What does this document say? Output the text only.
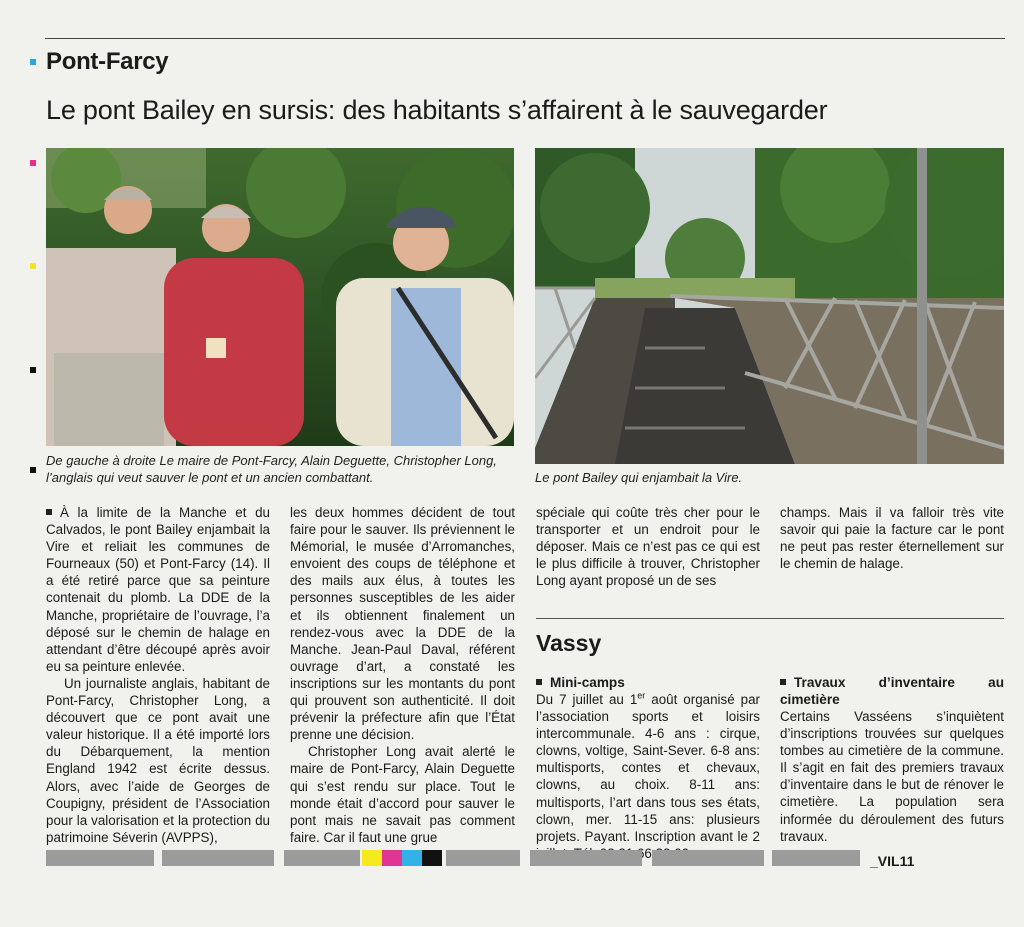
Pont-Farcy
Le pont Bailey en sursis: des habitants s’affairent à le sauvegarder
De gauche à droite Le maire de Pont-Farcy, Alain Deguette, Christopher Long, l’anglais qui veut sauver le pont et un ancien combattant.	Le pont Bailey qui enjambait la Vire.

À la limite de la Manche et du Calvados, le pont Bailey enjambait la Vire et reliait les communes de Fourneaux (50) et Pont-Farcy (14). Il a été retiré parce que sa peinture contenait du plomb. La DDE de la Manche, propriétaire de l’ouvrage, l’a déposé sur le chemin de halage en attendant d’être découpé après avoir eu sa peinture enlevée.

Un journaliste anglais, habitant de Pont-Farcy, Christopher Long, a découvert que ce pont avait une valeur historique. Il a été importé lors du Débarquement, la mention England 1942 est écrite dessus. Alors, avec l’aide de Georges de Coupigny, président de l’Association pour la valorisation et la protection du patrimoine Séverin (AVPPS),

les deux hommes décident de tout faire pour le sauver. Ils préviennent le Mémorial, le musée d’Arromanches, envoient des coups de téléphone et des mails aux élus, à toutes les personnes susceptibles de les aider et ils obtiennent finalement un rendez-vous avec la DDE de la Manche. Jean-Paul Daval, référent ouvrage d’art, a constaté les inscriptions sur les montants du pont qui prouvent son authenticité. Il doit prévenir la préfecture afin que l’État prenne une décision.

Christopher Long avait alerté le maire de Pont-Farcy, Alain Deguette qui s’est rendu sur place. Tout le monde était d’accord pour sauver le pont mais ne savait pas comment faire. Car il faut une grue

spéciale qui coûte très cher pour le transporter et un endroit pour le déposer. Mais ce n’est pas ce qui est le plus difficile à trouver, Christopher Long ayant proposé un de ses

champs. Mais il va falloir très vite savoir qui paie la facture car le pont ne peut pas rester éternellement sur le chemin de halage.

Vassy
Mini-camps

Du 7 juillet au 1er août organisé par l’association sports et loisirs intercommunale. 4-6 ans : cirque, clowns, voltige, Saint-Sever. 6-8 ans: multisports, contes et chevaux, clowns, au choix. 8-11 ans: multisports, l’art dans tous ses états, clown, mer. 11-15 ans: plusieurs projets. Payant. Inscription avant le 2 66

Travaux d’inventaire au cimetière

Certains Vasséens s’inquiètent d’inscriptions trouvées sur quelques tombes au cimetière de la commune. Il s’agit en fait des premiers travaux d’inventaire dans le but de rénover le cimetière. La population sera informée du déroulement des futurs travaux.

_VIL11
